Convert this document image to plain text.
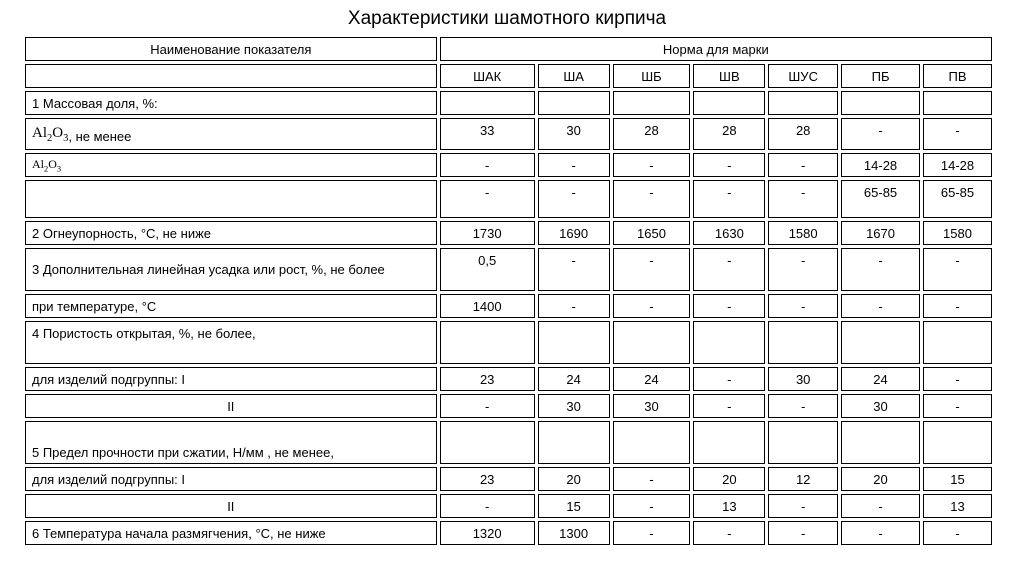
Характеристики шамотного кирпича
Наименование показателя		Норма для марки												
		ШАК		ША		ШБ		ШВ		ШУС		ПБ		ПВ
1 Массовая доля, %:														
$Al_2O_3$, не менее		33		30		28		28		28		-		-
$Al_2O_3$		-		-		-		-		-		14-28		14-28
		-		-		-		-		-		65-85		65-85
2 Огнеупорность, °С, не ниже		1730		1690		1650		1630		1580		1670		1580
3 Дополнительная линейная усадка или рост, %, не более		0,5		-		-		-		-		-		-
при температуре, °С		1400		-		-		-		-		-		-
4 Пористость открытая, %, не более,														
для изделий подгруппы: I		23		24		24		-		30		24		-
II		-		30		30		-		-		30		-
5 Предел прочности при сжатии, Н/мм , не менее,														
для изделий подгруппы: I		23		20		-		20		12		20		15
II		-		15		-		13		-		-		13
6 Температура начала размягчения, °С, не ниже		1320		1300		-		-		-		-		-
